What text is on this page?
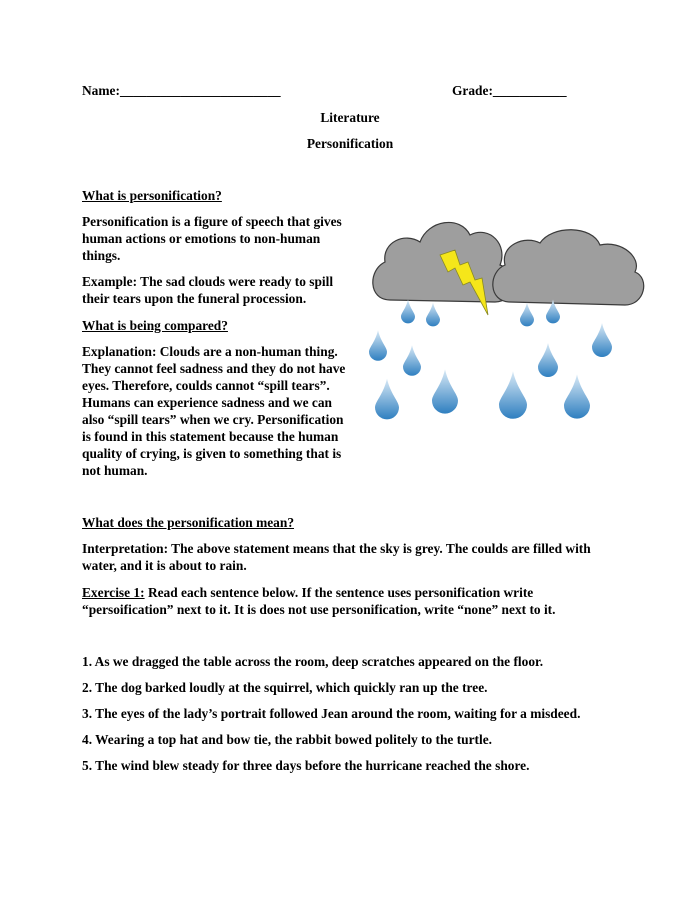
Name:________________________	Grade:___________
Literature
Personification
What is personification?

Personification is a figure of speech that gives human actions or emotions to non-human things.

Example: The sad clouds were ready to spill their tears upon the funeral procession.

What is being compared?

Explanation: Clouds are a non-human thing. They cannot feel sadness and they do not have eyes. Therefore, coulds cannot “spill tears”. Humans can experience sadness and we can also “spill tears” when we cry. Personification is found in this statement because the human quality of crying, is given to something that is not human.

What does the personification mean?

Interpretation: The above statement means that the sky is grey. The coulds are filled with water, and it is about to rain.

Exercise 1: Read each sentence below. If the sentence uses personification write “persoification” next to it. It is does not use personification, write “none” next to it.

1. As we dragged the table across the room, deep scratches appeared on the floor.
2. The dog barked loudly at the squirrel, which quickly ran up the tree.
3. The eyes of the lady’s portrait followed Jean around the room, waiting for a misdeed.
4. Wearing a top hat and bow tie, the rabbit bowed politely to the turtle.
5. The wind blew steady for three days before the hurricane reached the shore.
